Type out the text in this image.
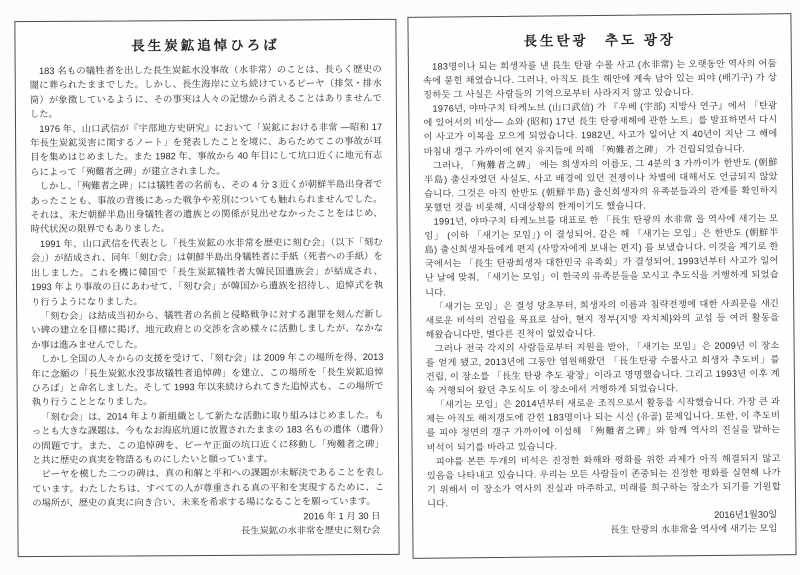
長生炭鉱追悼ひろば

183 名もの犠牲者を出した長生炭鉱水没事故（水非常）のことは、長らく歴史の闇に葬られたままでした。しかし、長生海岸に立ち続けているピーヤ（排気・排水筒）が象徴しているように、その事実は人々の記憶から消えることはありませんでした。

1976 年、山口武信が『宇部地方史研究』において「炭鉱における非常 ―昭和 17 年長生炭鉱災害に関するノート」を発表したことを境に、あらためてこの事故が耳目を集めはじめました。また 1982 年、事故から 40 年目にして坑口近くに地元有志らによって「殉難者之碑」が建立されました。

しかし、「殉難者之碑」には犠牲者の名前も、その 4 分 3 近くが朝鮮半島出身者であったことも、事故の背後にあった戦争や差別についても触れられませんでした。それは、未だ朝鮮半島出身犠牲者の遺族との関係が見出せなかったことをはじめ、時代状況の限界でもありました。

1991 年、山口武信を代表とし「長生炭鉱の水非常を歴史に刻む会」（以下「刻む会」）が結成され、同年「刻む会」は朝鮮半島出身犠牲者に手紙（死者への手紙）を出しました。これを機に韓国で「長生炭鉱犠牲者大韓民国遺族会」が結成され、1993 年より事故の日にあわせて、「刻む会」が韓国から遺族を招待し、追悼式を執り行うようになりました。

「刻む会」は結成当初から、犠牲者の名前と侵略戦争に対する謝罪を刻んだ新しい碑の建立を目標に掲げ、地元政府との交渉を含め様々に活動しましたが、なかなか事は進みませんでした。

しかし全国の人々からの支援を受けて、「刻む会」は 2009 年この場所を得、2013 年に念願の「長生炭鉱水没事故犠牲者追悼碑」を建立、この場所を「長生炭鉱追悼ひろば」と命名しました。そして 1993 年以来続けられてきた追悼式も、この場所で執り行うこととなりました。

「刻む会」は、2014 年より新組織として新たな活動に取り組みはじめました。もっとも大きな課題は、今もなお海底坑道に放置されたままの 183 名もの遺体（遺骨）の問題です。また、この追悼碑を、ピーヤ正面の坑口近くに移動し「殉難者之碑」と共に歴史の真実を物語るものにしたいと願っています。

ピーヤを模した二つの碑は、真の和解と平和への課題が未解決であることを表しています。わたしたちは、すべての人が尊重される真の平和を実現するために、この場所が、歴史の真実に向き合い、未来を希求する場になることを願っています。

2016 年 1 月 30 日

長生炭鉱の水非常を歴史に刻む会

長生탄광　추도 광장

183명이나 되는 희생자를 낸 長生 탄광 수몰 사고 (水非常) 는 오랫동안 역사의 어둠속에 묻힌 채였습니다. 그러나, 아직도 長生 해안에 계속 남아 있는 피야 (배기구) 가 상징하듯 그 사실은 사람들의 기억으로부터 사라지지 않고 있습니다.

1976년, 야마구치 타케노브 (山口武信) 가 『우베 (宇部) 지방사 연구』에서 「탄광에 있어서의 비상— 쇼와 (昭和) 17년 長生 탄광재해에 관한 노트」를 발표하면서 다시 이 사고가 이목을 모으게 되었습니다. 1982년, 사고가 일어난 지 40년이 지난 그 해에 마침내 갱구 가까이에 현지 유지들에 의해 「殉難者之碑」 가 건립되었습니다.

그러나, 「殉難者之碑」 에는 희생자의 이름도, 그 4분의 3 가까이가 한반도 (朝鮮半島) 출신자였던 사실도, 사고 배경에 있던 전쟁이나 차별에 대해서도 언급되지 않았습니다. 그것은 아직 한반도 (朝鮮半島) 출신희생자의 유족분들과의 관계를 확인하지 못했던 것을 비롯해, 시대상황의 한계이기도 했습니다.

1991년, 야마구치 타케노브를 대표로 한 「長生 탄광의 水非常 을 역사에 새기는 모임」 (이하 「새기는 모임」) 이 결성되어, 같은 해 「새기는 모임」은 한반도 (朝鮮半島) 출신희생자들에게 편지 (사망자에게 보내는 편지) 를 보냈습니다. 이것을 계기로 한국에서는 「長生 탄광희생자 대한민국 유족회」가 결성되어, 1993년부터 사고가 일어난 날에 맞춰, 「새기는 모임」이 한국의 유족분들을 모시고 추도식을 거행하게 되었습니다.

「새기는 모임」은 결성 당초부터, 희생자의 이름과 침략전쟁에 대한 사죄문을 새긴 새로운 비석의 건립을 목표로 삼아, 현지 정부{지방 자치체}와의 교섭 등 여러 활동을 해왔습니다만, 별다른 진척이 없었습니다.

그러나 전국 각지의 사람들로부터 지원을 받아, 「새기는 모임」은 2009년 이 장소를 얻게 됐고, 2013년에 그동안 염원해왔던 「長生탄광 수몰사고 희생자 추도비」를 건립, 이 장소를 「長生 탄광 추도 광장」이라고 명명했습니다. 그리고 1993년 이후 계속 거행되어 왔던 추도식도 이 장소에서 거행하게 되었습니다.

「새기는 모임」은 2014년부터 새로운 조직으로서 활동을 시작했습니다. 가장 큰 과제는 아직도 해저갱도에 갇힌 183명이나 되는 시신 (유골) 문제입니다. 또한, 이 추도비를 피야 정면의 갱구 가까이에 이설해 「殉難者之碑」와 함께 역사의 진실을 말하는 비석이 되기를 바라고 있습니다.

피야를 본뜬 두개의 비석은 진정한 화해와 평화를 위한 과제가 아직 해결되지 않고 있음을 나타내고 있습니다. 우리는 모든 사람들이 존중되는 진정한 평화를 실현해 나가기 위해서 이 장소가 역사의 진실과 마주하고, 미래를 희구하는 장소가 되기를 기원합니다.

2016년1월30일

長生 탄광의 水非常을 역사에 새기는 모임
